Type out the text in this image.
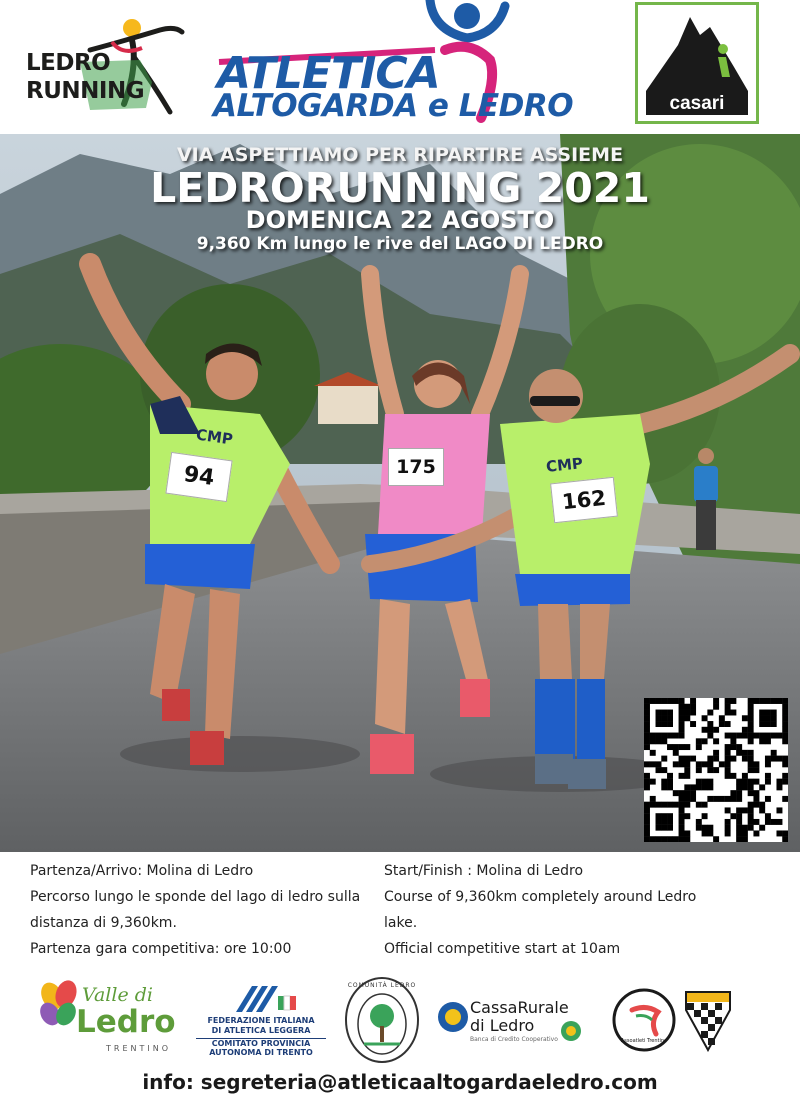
LEDRO
RUNNING ATLETICA
ALTOGARDA e LEDRO	casari
94	175
162
CMP
CMP
VIA ASPETTIAMO PER RIPARTIRE ASSIEME
LEDRORUNNING 2021
DOMENICA 22 AGOSTO
9,360 Km lungo le rive del LAGO DI LEDRO
Partenza/Arrivo: Molina di Ledro
Percorso lungo le sponde del lago di ledro sulla
distanza di 9,360km.
Partenza gara competitiva: ore 10:00
Start/Finish : Molina di Ledro
Course of 9,360km completely around Ledro
lake.
Official competitive start at 10am
Valle di
Ledro
TRENTINO
FEDERAZIONE ITALIANA
DI ATLETICA LEGGERA
COMITATO PROVINCIA
AUTONOMA DI TRENTO
COMUNITÀ LEDRO
CassaRurale
di Ledro
Banca di Credito Cooperativo	Assoatleti Trentino
info: segreteria@atleticaaltogardaeledro.com
